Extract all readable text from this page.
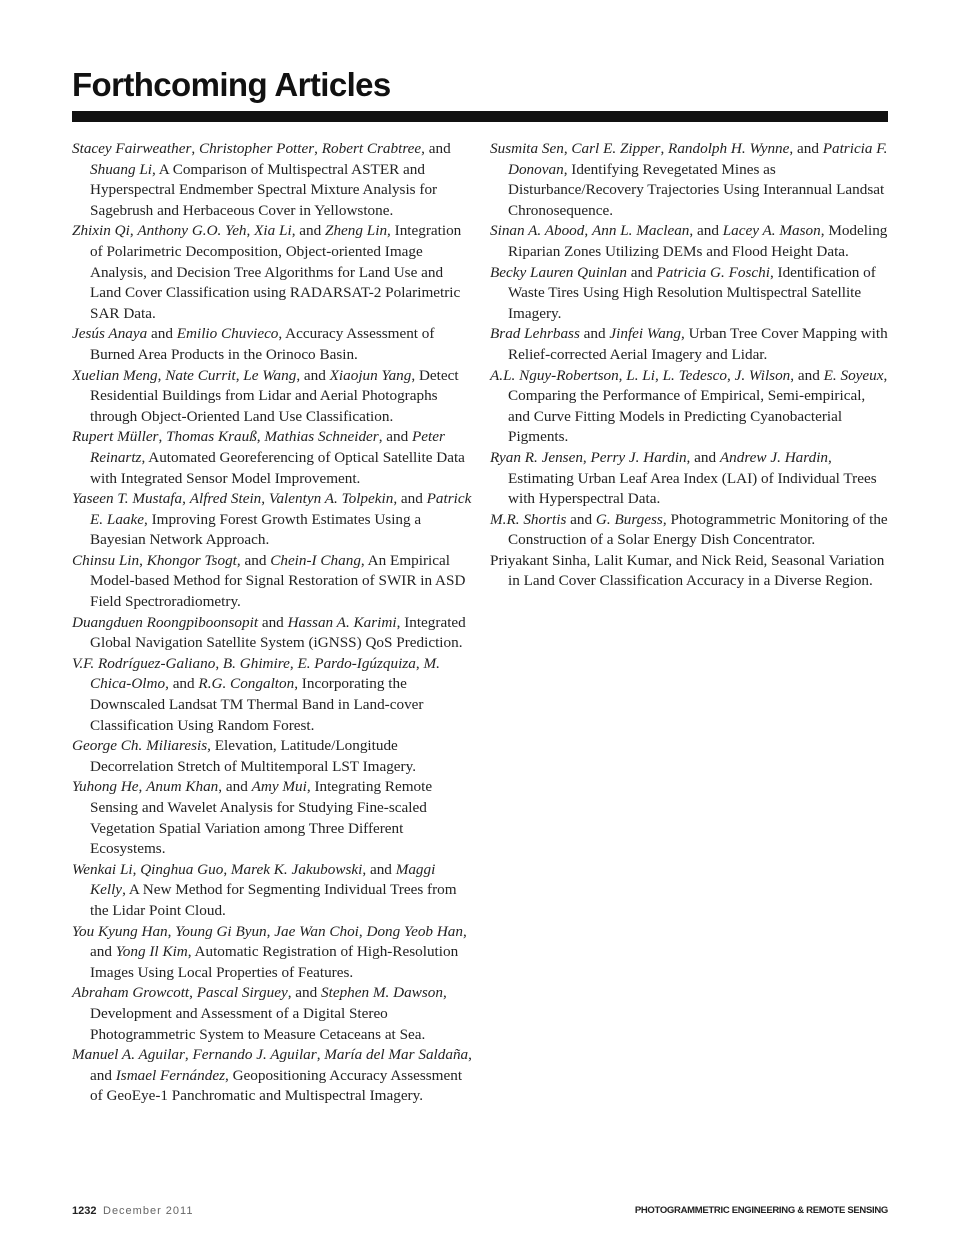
Forthcoming Articles

Stacey Fairweather, Christopher Potter, Robert Crabtree, and Shuang Li, A Comparison of Multispectral ASTER and Hyperspectral Endmember Spectral Mixture Analysis for Sagebrush and Herbaceous Cover in Yellowstone.

Zhixin Qi, Anthony G.O. Yeh, Xia Li, and Zheng Lin, Integration of Polarimetric Decomposition, Object-oriented Image Analysis, and Decision Tree Algorithms for Land Use and Land Cover Classification using RADARSAT-2 Polarimetric SAR Data.

Jesús Anaya and Emilio Chuvieco, Accuracy Assessment of Burned Area Products in the Orinoco Basin.

Xuelian Meng, Nate Currit, Le Wang, and Xiaojun Yang, Detect Residential Buildings from Lidar and Aerial Photographs through Object-Oriented Land Use Classification.

Rupert Müller, Thomas Krauß, Mathias Schneider, and Peter Reinartz, Automated Georeferencing of Optical Satellite Data with Integrated Sensor Model Improvement.

Yaseen T. Mustafa, Alfred Stein, Valentyn A. Tolpekin, and Patrick E. Laake, Improving Forest Growth Estimates Using a Bayesian Network Approach.

Chinsu Lin, Khongor Tsogt, and Chein-I Chang, An Empirical Model-based Method for Signal Restoration of SWIR in ASD Field Spectroradiometry.

Duangduen Roongpiboonsopit and Hassan A. Karimi, Integrated Global Navigation Satellite System (iGNSS) QoS Prediction.

V.F. Rodríguez-Galiano, B. Ghimire, E. Pardo-Igúzquiza, M. Chica-Olmo, and R.G. Congalton, Incorporating the Downscaled Landsat TM Thermal Band in Land-cover Classification Using Random Forest.

George Ch. Miliaresis, Elevation, Latitude/Longitude Decorrelation Stretch of Multitemporal LST Imagery.

Yuhong He, Anum Khan, and Amy Mui, Integrating Remote Sensing and Wavelet Analysis for Studying Fine-scaled Vegetation Spatial Variation among Three Different Ecosystems.

Wenkai Li, Qinghua Guo, Marek K. Jakubowski, and Maggi Kelly, A New Method for Segmenting Individual Trees from the Lidar Point Cloud.

You Kyung Han, Young Gi Byun, Jae Wan Choi, Dong Yeob Han, and Yong Il Kim, Automatic Registration of High-Resolution Images Using Local Properties of Features.

Abraham Growcott, Pascal Sirguey, and Stephen M. Dawson, Development and Assessment of a Digital Stereo Photogrammetric System to Measure Cetaceans at Sea.

Manuel A. Aguilar, Fernando J. Aguilar, María del Mar Saldaña, and Ismael Fernández, Geopositioning Accuracy Assessment of GeoEye-1 Panchromatic and Multispectral Imagery.

Susmita Sen, Carl E. Zipper, Randolph H. Wynne, and Patricia F. Donovan, Identifying Revegetated Mines as Disturbance/Recovery Trajectories Using Interannual Landsat Chronosequence.

Sinan A. Abood, Ann L. Maclean, and Lacey A. Mason, Modeling Riparian Zones Utilizing DEMs and Flood Height Data.

Becky Lauren Quinlan and Patricia G. Foschi, Identification of Waste Tires Using High Resolution Multispectral Satellite Imagery.

Brad Lehrbass and Jinfei Wang, Urban Tree Cover Mapping with Relief-corrected Aerial Imagery and Lidar.

A.L. Nguy-Robertson, L. Li, L. Tedesco, J. Wilson, and E. Soyeux, Comparing the Performance of Empirical, Semi-empirical, and Curve Fitting Models in Predicting Cyanobacterial Pigments.

Ryan R. Jensen, Perry J. Hardin, and Andrew J. Hardin, Estimating Urban Leaf Area Index (LAI) of Individual Trees with Hyperspectral Data.

M.R. Shortis and G. Burgess, Photogrammetric Monitoring of the Construction of a Solar Energy Dish Concentrator.

Priyakant Sinha, Lalit Kumar, and Nick Reid, Seasonal Variation in Land Cover Classification Accuracy in a Diverse Region.

1232 December 2011	PHOTOGRAMMETRIC ENGINEERING & REMOTE SENSING
